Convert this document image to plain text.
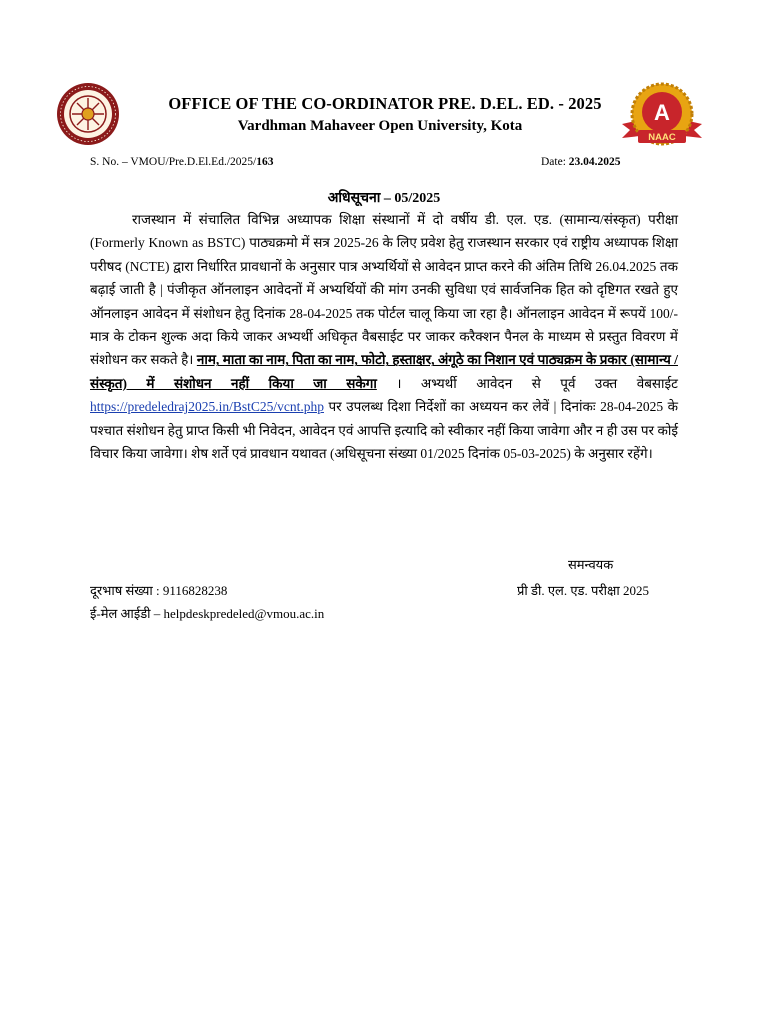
OFFICE OF THE CO-ORDINATOR PRE. D.EL. ED. - 2025
Vardhman Mahaveer Open University, Kota
A
NAAC
S. No. – VMOU/Pre.D.El.Ed./2025/163	Date: 23.04.2025
अधिसूचना – 05/2025
राजस्थान में संचालित विभिन्न अध्यापक शिक्षा संस्थानों में दो वर्षीय डी. एल. एड. (सामान्य/संस्कृत) परीक्षा (Formerly Known as BSTC) पाठ्यक्रमो में सत्र 2025-26 के लिए प्रवेश हेतु राजस्थान सरकार एवं राष्ट्रीय अध्यापक शिक्षा परीषद (NCTE) द्वारा निर्धारित प्रावधानों के अनुसार पात्र अभ्यर्थियों से आवेदन प्राप्त करने की अंतिम तिथि 26.04.2025 तक बढ़ाई जाती है | पंजीकृत ऑनलाइन आवेदनों में अभ्यर्थियों की मांग उनकी सुविधा एवं सार्वजनिक हित को दृष्टिगत रखते हुए ऑनलाइन आवेदन में संशोधन हेतु दिनांक 28-04-2025 तक पोर्टल चालू किया जा रहा है। ऑनलाइन आवेदन में रूपयें 100/- मात्र के टोकन शुल्क अदा किये जाकर अभ्यर्थी अधिकृत वैबसाईट पर जाकर करैक्शन पैनल के माध्यम से प्रस्तुत विवरण में संशोधन कर सकते है। नाम, माता का नाम, पिता का नाम, फोटो, हस्ताक्षर, अंगूठे का निशान एवं पाठ्यक्रम के प्रकार (सामान्य / संस्कृत) में संशोधन नहीं किया जा सकेगा । अभ्यर्थी आवेदन से पूर्व उक्त वेबसाईट https://predeledraj2025.in/BstC25/vcnt.php पर उपलब्ध दिशा निर्देशों का अध्ययन कर लेवें | दिनांकः 28-04-2025 के पश्चात संशोधन हेतु प्राप्त किसी भी निवेदन, आवेदन एवं आपत्ति इत्यादि को स्वीकार नहीं किया जावेगा और न ही उस पर कोई विचार किया जावेगा। शेष शर्ते एवं प्रावधान यथावत (अधिसूचना संख्या 01/2025 दिनांक 05-03-2025) के अनुसार रहेंगे।
समन्वयक
प्री डी. एल. एड. परीक्षा 2025
दूरभाष संख्या : 9116828238
ई-मेल आईडी – helpdeskpredeled@vmou.ac.in
